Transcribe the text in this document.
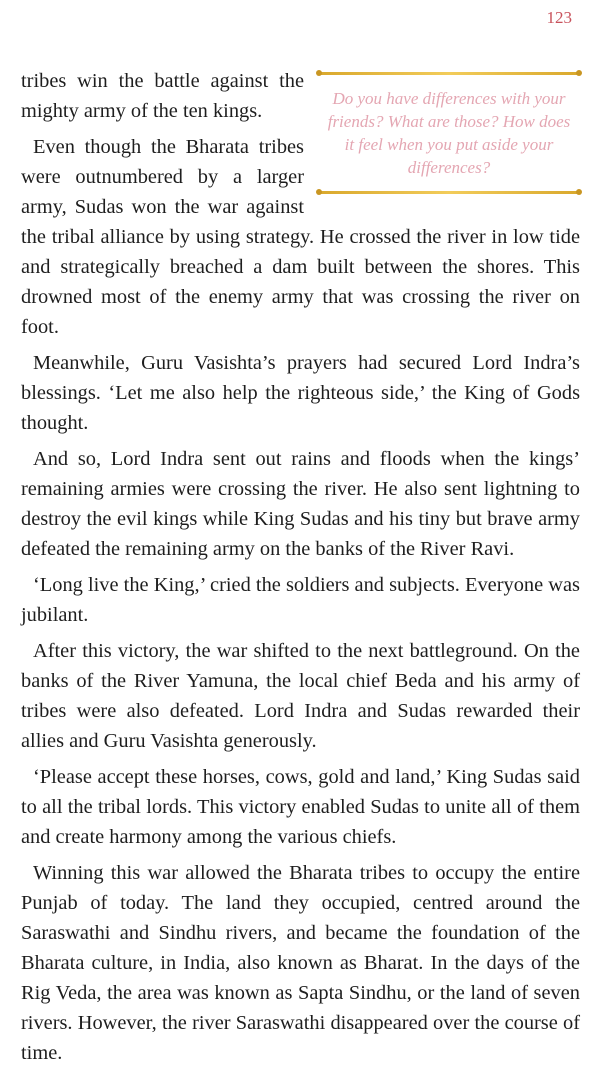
123
Do you have differences with your friends? What are those? How does it feel when you put aside your differences?

tribes win the battle against the mighty army of the ten kings.

Even though the Bharata tribes were outnumbered by a larger army, Sudas won the war against the tribal alliance by using strategy. He crossed the river in low tide and strategically breached a dam built between the shores. This drowned most of the enemy army that was crossing the river on foot.

Meanwhile, Guru Vasishta’s prayers had secured Lord Indra’s blessings. ‘Let me also help the righteous side,’ the King of Gods thought.

And so, Lord Indra sent out rains and floods when the kings’ remaining armies were crossing the river. He also sent lightning to destroy the evil kings while King Sudas and his tiny but brave army defeated the remaining army on the banks of the River Ravi.

‘Long live the King,’ cried the soldiers and subjects. Everyone was jubilant.

After this victory, the war shifted to the next battleground. On the banks of the River Yamuna, the local chief Beda and his army of tribes were also defeated. Lord Indra and Sudas rewarded their allies and Guru Vasishta generously.

‘Please accept these horses, cows, gold and land,’ King Sudas said to all the tribal lords. This victory enabled Sudas to unite all of them and create harmony among the various chiefs.

Winning this war allowed the Bharata tribes to occupy the entire Punjab of today. The land they occupied, centred around the Saraswathi and Sindhu rivers, and became the foundation of the Bharata culture, in India, also known as Bharat. In the days of the Rig Veda, the area was known as Sapta Sindhu, or the land of seven rivers. However, the river Saraswathi disappeared over the course of time.
